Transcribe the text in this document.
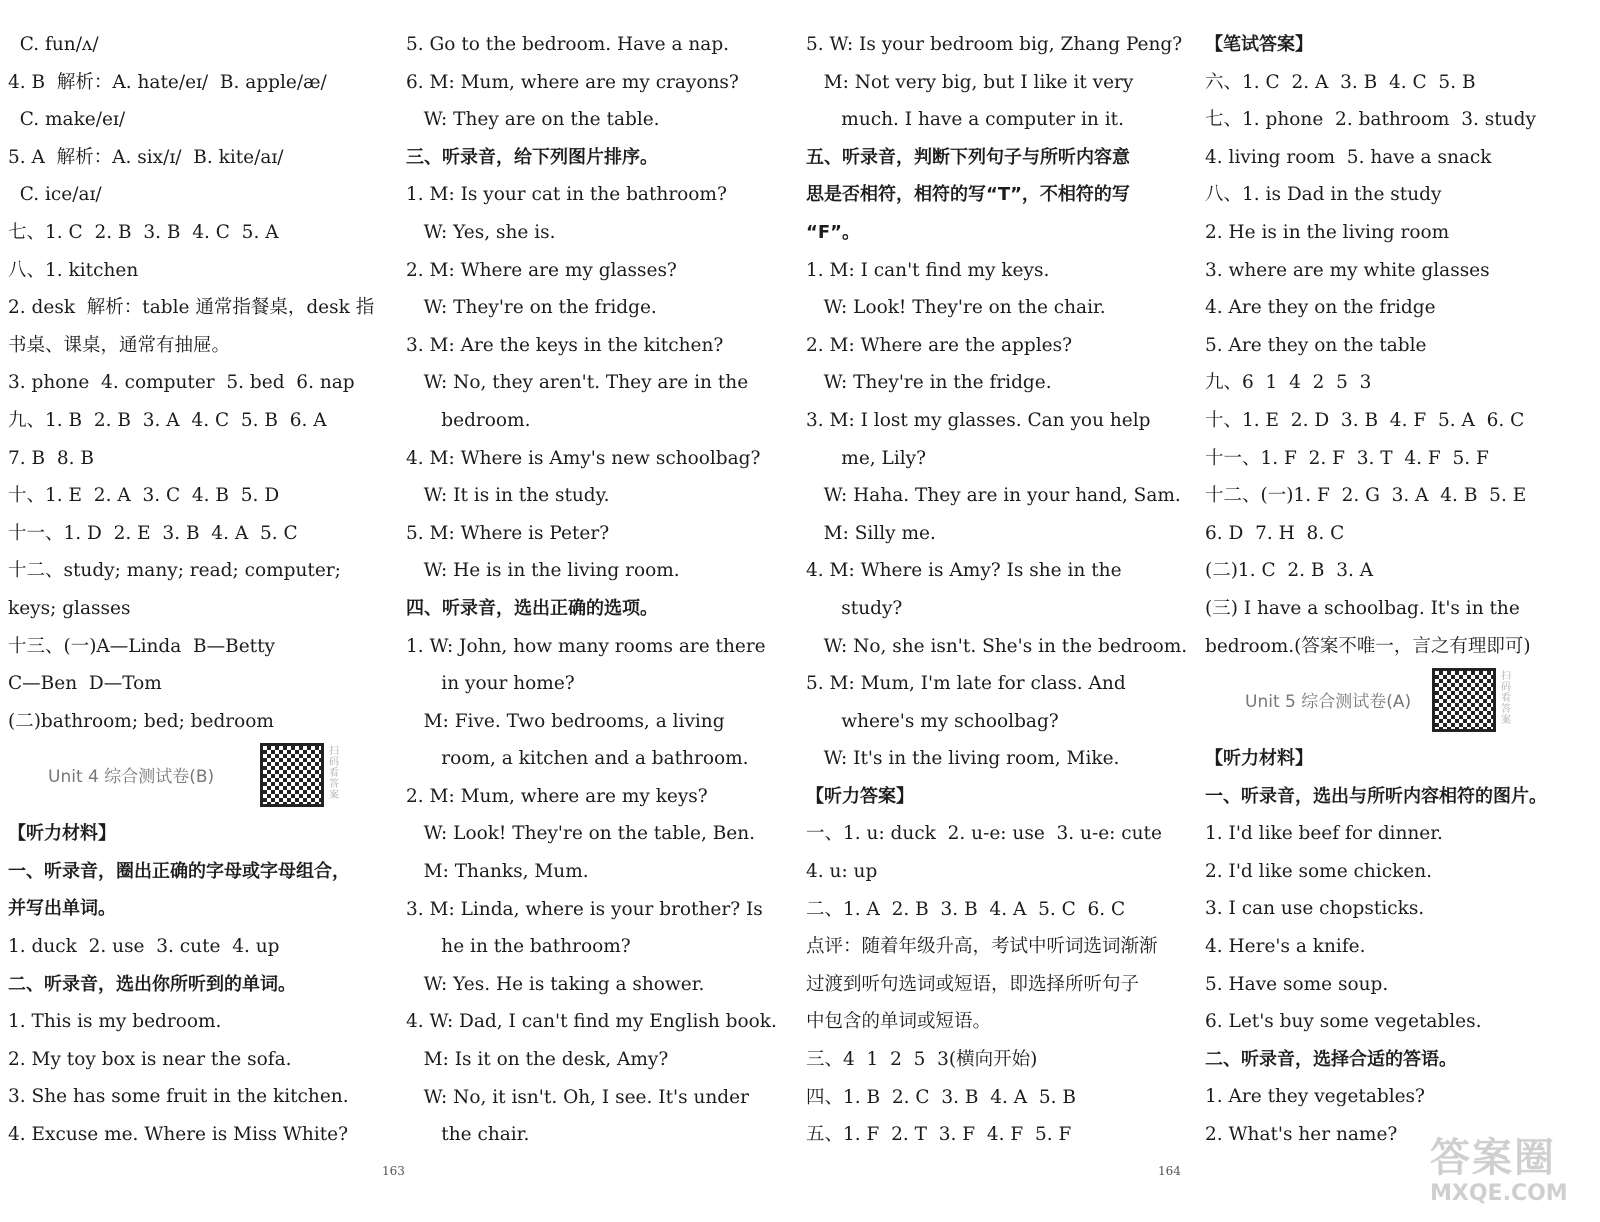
C. fun/ʌ/
4. B  解析：A. hate/eɪ/  B. apple/æ/
C. make/eɪ/
5. A  解析：A. six/ɪ/  B. kite/aɪ/
C. ice/aɪ/
七、1. C  2. B  3. B  4. C  5. A
八、1. kitchen
2. desk  解析：table 通常指餐桌，desk 指
书桌、课桌，通常有抽屉。
3. phone  4. computer  5. bed  6. nap
九、1. B  2. B  3. A  4. C  5. B  6. A
7. B  8. B
十、1. E  2. A  3. C  4. B  5. D
十一、1. D  2. E  3. B  4. A  5. C
十二、study; many; read; computer;
keys; glasses
十三、(一)A—Linda  B—Betty
C—Ben  D—Tom
(二)bathroom; bed; bedroom
Unit 4 综合测试卷(B)
扫码看答案
【听力材料】
一、听录音，圈出正确的字母或字母组合，
并写出单词。
1. duck  2. use  3. cute  4. up
二、听录音，选出你所听到的单词。
1. This is my bedroom.
2. My toy box is near the sofa.
3. She has some fruit in the kitchen.
4. Excuse me. Where is Miss White?
5. Go to the bedroom. Have a nap.
6. M: Mum, where are my crayons?
W: They are on the table.
三、听录音，给下列图片排序。
1. M: Is your cat in the bathroom?
W: Yes, she is.
2. M: Where are my glasses?
W: They're on the fridge.
3. M: Are the keys in the kitchen?
W: No, they aren't. They are in the
bedroom.
4. M: Where is Amy's new schoolbag?
W: It is in the study.
5. M: Where is Peter?
W: He is in the living room.
四、听录音，选出正确的选项。
1. W: John, how many rooms are there
in your home?
M: Five. Two bedrooms, a living
room, a kitchen and a bathroom.
2. M: Mum, where are my keys?
W: Look! They're on the table, Ben.
M: Thanks, Mum.
3. M: Linda, where is your brother? Is
he in the bathroom?
W: Yes. He is taking a shower.
4. W: Dad, I can't find my English book.
M: Is it on the desk, Amy?
W: No, it isn't. Oh, I see. It's under
the chair.
5. W: Is your bedroom big, Zhang Peng?
M: Not very big, but I like it very
much. I have a computer in it.
五、听录音，判断下列句子与所听内容意
思是否相符，相符的写“T”，不相符的写
“F”。
1. M: I can't find my keys.
W: Look! They're on the chair.
2. M: Where are the apples?
W: They're in the fridge.
3. M: I lost my glasses. Can you help
me, Lily?
W: Haha. They are in your hand, Sam.
M: Silly me.
4. M: Where is Amy? Is she in the
study?
W: No, she isn't. She's in the bedroom.
5. M: Mum, I'm late for class. And
where's my schoolbag?
W: It's in the living room, Mike.
【听力答案】
一、1. u: duck  2. u-e: use  3. u-e: cute
4. u: up
二、1. A  2. B  3. B  4. A  5. C  6. C
点评：随着年级升高，考试中听词选词渐渐
过渡到听句选词或短语，即选择所听句子
中包含的单词或短语。
三、4  1  2  5  3(横向开始)
四、1. B  2. C  3. B  4. A  5. B
五、1. F  2. T  3. F  4. F  5. F
【笔试答案】
六、1. C  2. A  3. B  4. C  5. B
七、1. phone  2. bathroom  3. study
4. living room  5. have a snack
八、1. is Dad in the study
2. He is in the living room
3. where are my white glasses
4. Are they on the fridge
5. Are they on the table
九、6  1  4  2  5  3
十、1. E  2. D  3. B  4. F  5. A  6. C
十一、1. F  2. F  3. T  4. F  5. F
十二、(一)1. F  2. G  3. A  4. B  5. E
6. D  7. H  8. C
(二)1. C  2. B  3. A
(三) I have a schoolbag. It's in the
bedroom.(答案不唯一，言之有理即可)
Unit 5 综合测试卷(A)
扫码看答案
【听力材料】
一、听录音，选出与所听内容相符的图片。
1. I'd like beef for dinner.
2. I'd like some chicken.
3. I can use chopsticks.
4. Here's a knife.
5. Have some soup.
6. Let's buy some vegetables.
二、听录音，选择合适的答语。
1. Are they vegetables?
2. What's her name?
163	164	答案圈
MXQE.COM
